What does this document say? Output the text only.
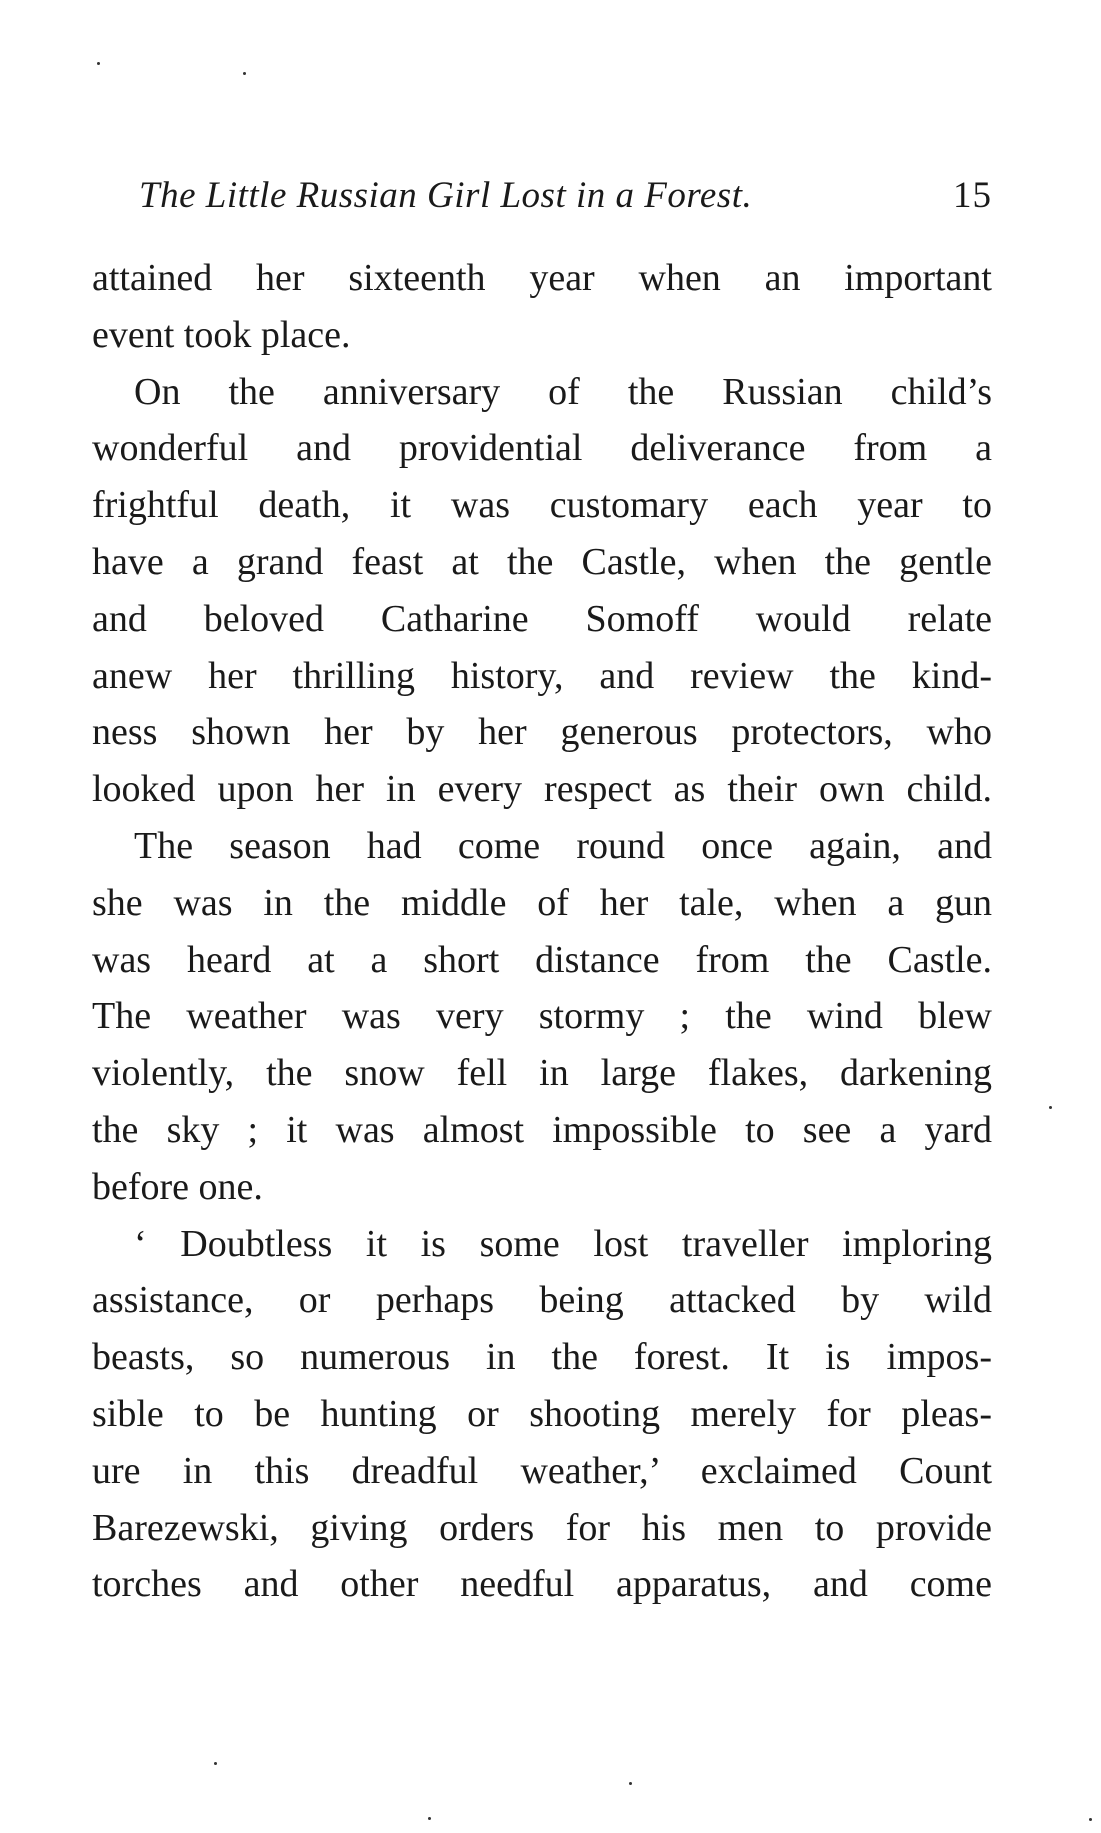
The Little Russian Girl Lost in a Forest.	15
attained her sixteenth year when an important
event took place.
On the anniversary of the Russian child’s
wonderful and providential deliverance from a
frightful death, it was customary each year to
have a grand feast at the Castle, when the gentle
and beloved Catharine Somoff would relate
anew her thrilling history, and review the kind-
ness shown her by her generous protectors, who
looked upon her in every respect as their own child.
The season had come round once again, and
she was in the middle of her tale, when a gun
was heard at a short distance from the Castle.
The weather was very stormy ; the wind blew
violently, the snow fell in large flakes, darkening
the sky ; it was almost impossible to see a yard
before one.
‘ Doubtless it is some lost traveller imploring
assistance, or perhaps being attacked by wild
beasts, so numerous in the forest. It is impos-
sible to be hunting or shooting merely for pleas-
ure in this dreadful weather,’ exclaimed Count
Barezewski, giving orders for his men to provide
torches and other needful apparatus, and come
